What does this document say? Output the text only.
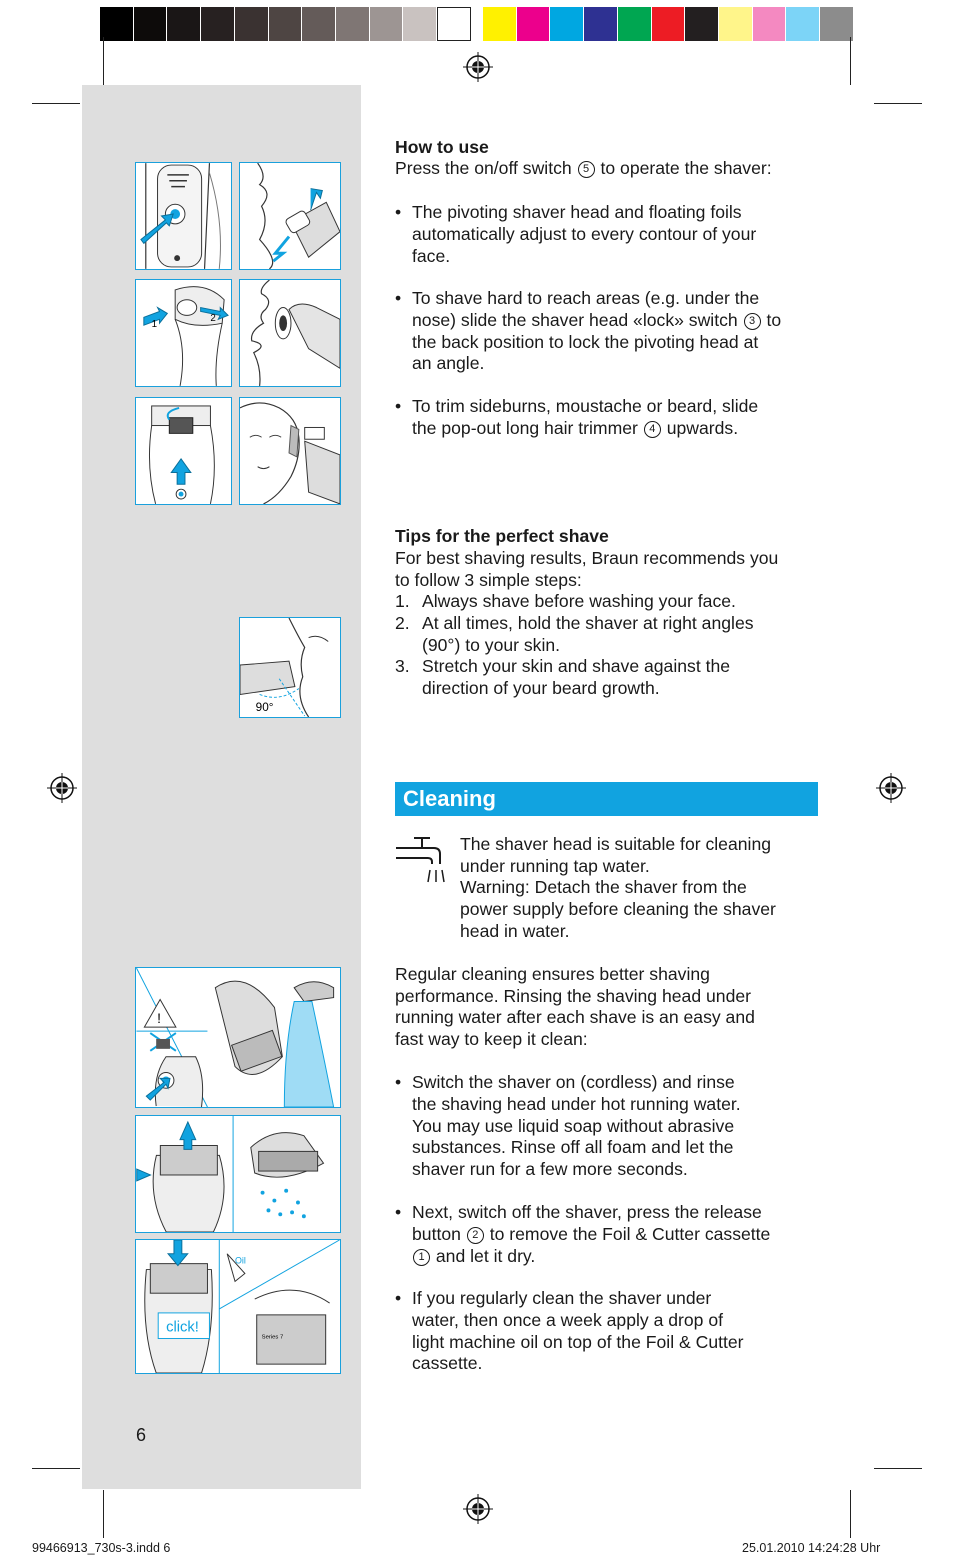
1
2
90°
!
click!
Oil
Series 7
How to use
Press the on/off switch 5 to operate the shaver:
• The pivoting shaver head and floating foils
automatically adjust to every contour of your
face.
• To shave hard to reach areas (e.g. under the
nose) slide the shaver head «lock» switch 3 to
the back position to lock the pivoting head at
an angle.
• To trim sideburns, moustache or beard, slide
the pop-out long hair trimmer 4 upwards.
Tips for the perfect shave
For best shaving results, Braun recommends you
to follow 3 simple steps:
1. Always shave before washing your face.
2. At all times, hold the shaver at right angles
(90°) to your skin.
3. Stretch your skin and shave against the
direction of your beard growth.
Cleaning
The shaver head is suitable for cleaning
under running tap water.
Warning: Detach the shaver from the
power supply before cleaning the shaver
head in water.
Regular cleaning ensures better shaving
performance. Rinsing the shaving head under
running water after each shave is an easy and
fast way to keep it clean:
• Switch the shaver on (cordless) and rinse
the shaving head under hot running water.
You may use liquid soap without abrasive
substances. Rinse off all foam and let the
shaver run for a few more seconds.
• Next, switch off the shaver, press the release
button 2 to remove the Foil & Cutter cassette
1 and let it dry.
• If you regularly clean the shaver under
water, then once a week apply a drop of
light machine oil on top of the Foil & Cutter
cassette.
6
99466913_730s-3.indd 6	25.01.2010 14:24:28 Uhr
